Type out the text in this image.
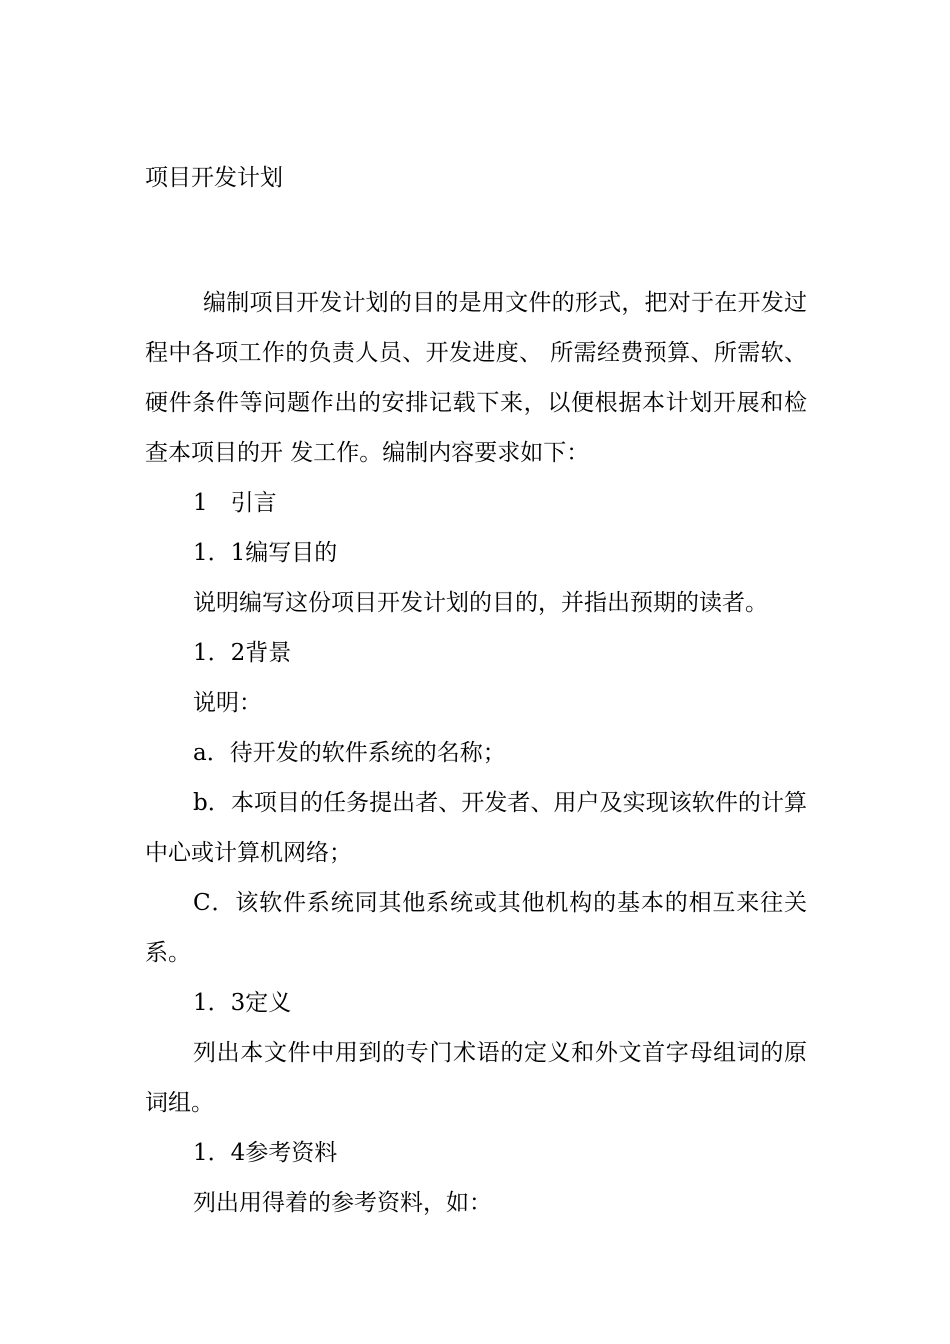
项目开发计划

编制项目开发计划的目的是用文件的形式，把对于在开发过程中各项工作的负责人员、开发进度、 所需经费预算、所需软、硬件条件等问题作出的安排记载下来，以便根据本计划开展和检查本项目的开 发工作。编制内容要求如下：

1　引言

1．1编写目的

说明编写这份项目开发计划的目的，并指出预期的读者。

1．2背景

说明：

a．待开发的软件系统的名称；

b．本项目的任务提出者、开发者、用户及实现该软件的计算中心或计算机网络；

C．该软件系统同其他系统或其他机构的基本的相互来往关系。

1．3定义

列出本文件中用到的专门术语的定义和外文首字母组词的原词组。

1．4参考资料

列出用得着的参考资料，如：
